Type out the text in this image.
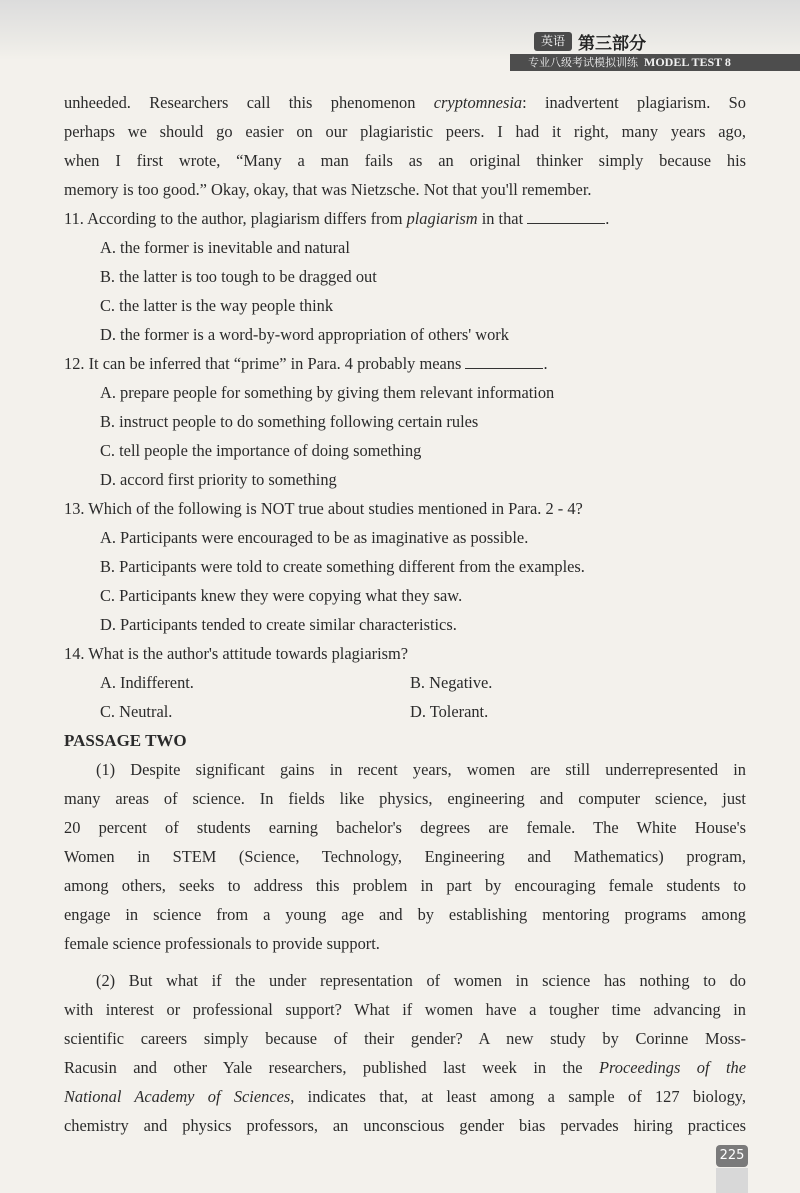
英语 第三部分
专业八级考试模拟训练 MODEL TEST 8
unheeded. Researchers call this phenomenon cryptomnesia: inadvertent plagiarism. So
perhaps we should go easier on our plagiaristic peers. I had it right, many years ago,
when I first wrote, “Many a man fails as an original thinker simply because his
memory is too good.” Okay, okay, that was Nietzsche. Not that you'll remember.
11. According to the author, plagiarism differs from plagiarism in that	.
A. the former is inevitable and natural
B. the latter is too tough to be dragged out
C. the latter is the way people think
D. the former is a word-by-word appropriation of others' work
12. It can be inferred that “prime” in Para. 4 probably means	.
A. prepare people for something by giving them relevant information
B. instruct people to do something following certain rules
C. tell people the importance of doing something
D. accord first priority to something
13. Which of the following is NOT true about studies mentioned in Para. 2 - 4?
A. Participants were encouraged to be as imaginative as possible.
B. Participants were told to create something different from the examples.
C. Participants knew they were copying what they saw.
D. Participants tended to create similar characteristics.
14. What is the author's attitude towards plagiarism?
A. Indifferent.	B. Negative.
C. Neutral.	D. Tolerant.
PASSAGE TWO
(1) Despite significant gains in recent years, women are still underrepresented in
many areas of science. In fields like physics, engineering and computer science, just
20 percent of students earning bachelor's degrees are female. The White House's
Women in STEM (Science, Technology, Engineering and Mathematics) program,
among others, seeks to address this problem in part by encouraging female students to
engage in science from a young age and by establishing mentoring programs among
female science professionals to provide support.
(2) But what if the under representation of women in science has nothing to do
with interest or professional support? What if women have a tougher time advancing in
scientific careers simply because of their gender? A new study by Corinne Moss-
Racusin and other Yale researchers, published last week in the Proceedings of the
National Academy of Sciences, indicates that, at least among a sample of 127 biology,
chemistry and physics professors, an unconscious gender bias pervades hiring practices
225
